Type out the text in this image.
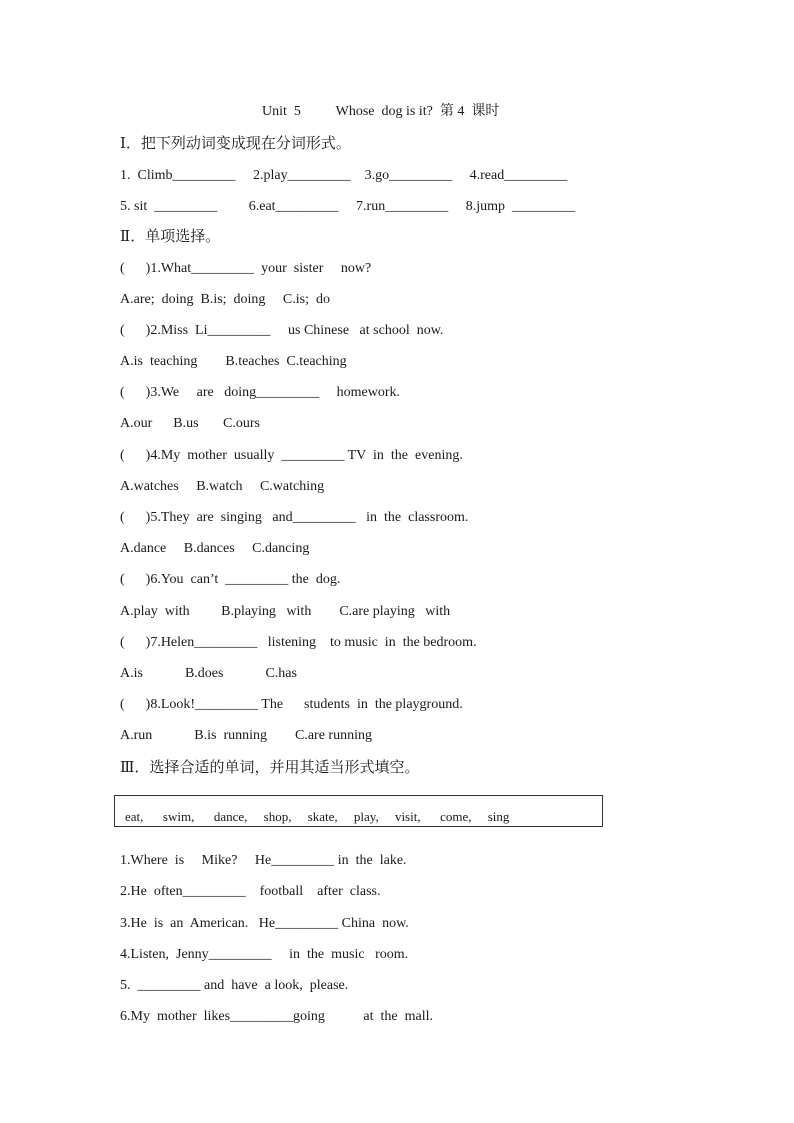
Unit  5          Whose  dog is it?  第 4  课时
Ⅰ．把下列动词变成现在分词形式。
1.  Climb_________     2.play_________    3.go_________     4.read_________
5. sit  _________         6.eat_________     7.run_________     8.jump  _________
Ⅱ．单项选择。
(      )1.What_________  your  sister     now?
A.are;  doing  B.is;  doing     C.is;  do
(      )2.Miss  Li_________     us Chinese   at school  now.
A.is  teaching        B.teaches  C.teaching
(      )3.We     are   doing_________     homework.
A.our      B.us       C.ours
(      )4.My  mother  usually  _________ TV  in  the  evening.
A.watches     B.watch     C.watching
(      )5.They  are  singing   and_________   in  the  classroom.
A.dance     B.dances     C.dancing
(      )6.You  can’t  _________ the  dog.
A.play  with         B.playing   with        C.are playing   with
(      )7.Helen_________   listening    to music  in  the bedroom.
A.is            B.does            C.has
(      )8.Look!_________ The      students  in  the playground.
A.run            B.is  running        C.are running
Ⅲ．选择合适的单词，并用其适当形式填空。
eat,      swim,      dance,     shop,     skate,     play,     visit,      come,     sing
1.Where  is     Mike?     He_________ in  the  lake.
2.He  often_________    football    after  class.
3.He  is  an  American.   He_________ China  now.
4.Listen,  Jenny_________     in  the  music   room.
5.  _________ and  have  a look,  please.
6.My  mother  likes_________going           at  the  mall.
